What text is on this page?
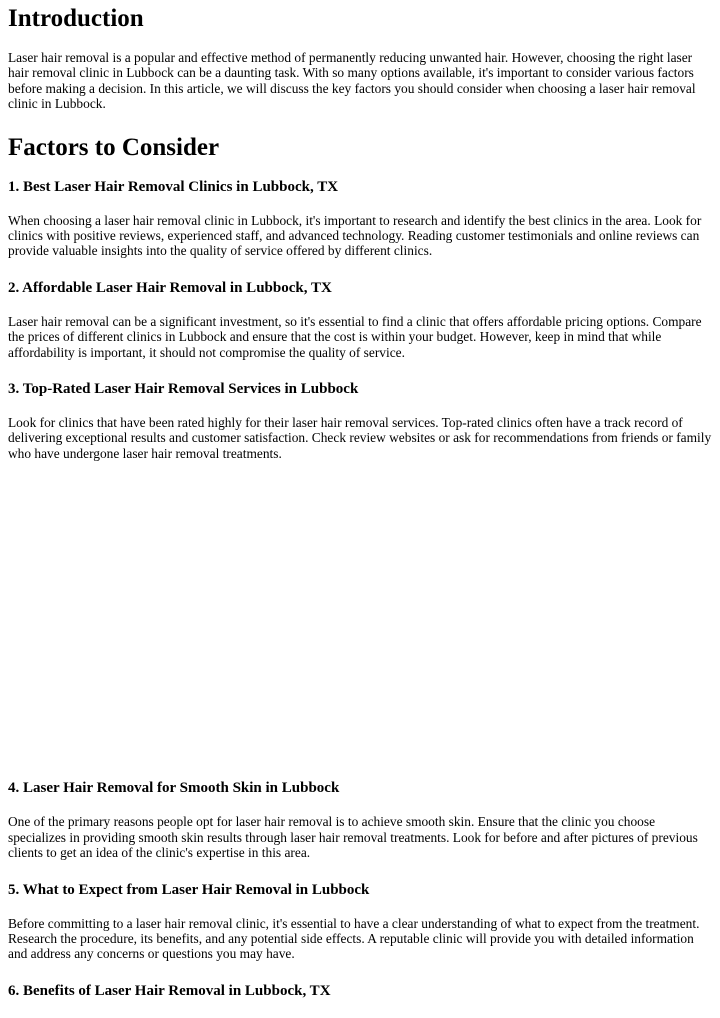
Introduction

Laser hair removal is a popular and effective method of permanently reducing unwanted hair. However, choosing the right laser hair removal clinic in Lubbock can be a daunting task. With so many options available, it's important to consider various factors before making a decision. In this article, we will discuss the key factors you should consider when choosing a laser hair removal clinic in Lubbock.

Factors to Consider
1. Best Laser Hair Removal Clinics in Lubbock, TX

When choosing a laser hair removal clinic in Lubbock, it's important to research and identify the best clinics in the area. Look for clinics with positive reviews, experienced staff, and advanced technology. Reading customer testimonials and online reviews can provide valuable insights into the quality of service offered by different clinics.

2. Affordable Laser Hair Removal in Lubbock, TX

Laser hair removal can be a significant investment, so it's essential to find a clinic that offers affordable pricing options. Compare the prices of different clinics in Lubbock and ensure that the cost is within your budget. However, keep in mind that while affordability is important, it should not compromise the quality of service.

3. Top-Rated Laser Hair Removal Services in Lubbock

Look for clinics that have been rated highly for their laser hair removal services. Top-rated clinics often have a track record of delivering exceptional results and customer satisfaction. Check review websites or ask for recommendations from friends or family who have undergone laser hair removal treatments.

4. Laser Hair Removal for Smooth Skin in Lubbock

One of the primary reasons people opt for laser hair removal is to achieve smooth skin. Ensure that the clinic you choose specializes in providing smooth skin results through laser hair removal treatments. Look for before and after pictures of previous clients to get an idea of the clinic's expertise in this area.

5. What to Expect from Laser Hair Removal in Lubbock

Before committing to a laser hair removal clinic, it's essential to have a clear understanding of what to expect from the treatment. Research the procedure, its benefits, and any potential side effects. A reputable clinic will provide you with detailed information and address any concerns or questions you may have.

6. Benefits of Laser Hair Removal in Lubbock, TX
